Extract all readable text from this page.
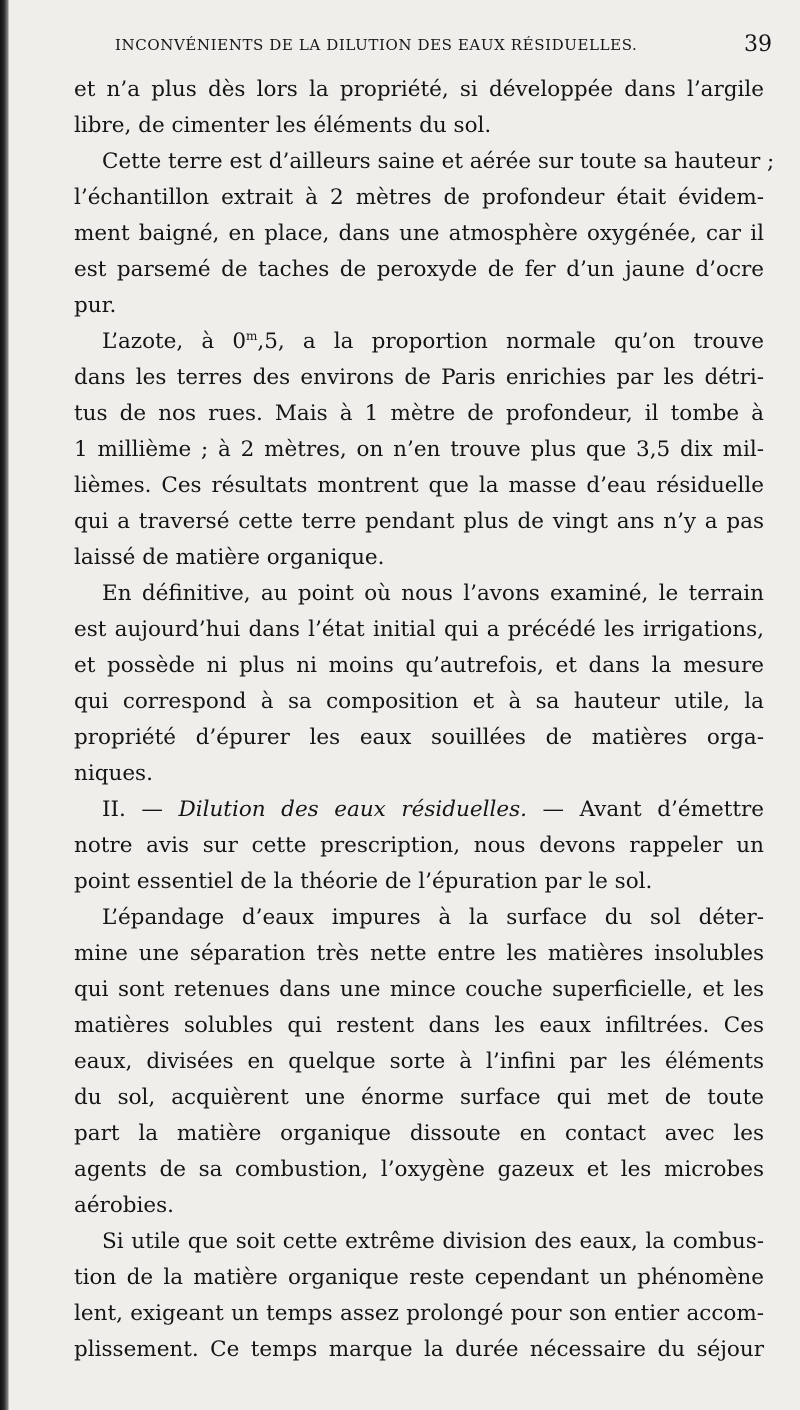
INCONVÉNIENTS DE LA DILUTION DES EAUX RÉSIDUELLES.	39
et n’a plus dès lors la propriété, si développée dans l’argile
libre, de cimenter les éléments du sol.
Cette terre est d’ailleurs saine et aérée sur toute sa hauteur ;
l’échantillon extrait à 2 mètres de profondeur était évidem-
ment baigné, en place, dans une atmosphère oxygénée, car il
est parsemé de taches de peroxyde de fer d’un jaune d’ocre
pur.
L’azote, à 0$^m$,5, a la proportion normale qu’on trouve
dans les terres des environs de Paris enrichies par les détri-
tus de nos rues. Mais à 1 mètre de profondeur, il tombe à
1 millième ; à 2 mètres, on n’en trouve plus que 3,5 dix mil-
lièmes. Ces résultats montrent que la masse d’eau résiduelle
qui a traversé cette terre pendant plus de vingt ans n’y a pas
laissé de matière organique.
En définitive, au point où nous l’avons examiné, le terrain
est aujourd’hui dans l’état initial qui a précédé les irrigations,
et possède ni plus ni moins qu’autrefois, et dans la mesure
qui correspond à sa composition et à sa hauteur utile, la
propriété d’épurer les eaux souillées de matières orga-
niques.
II. — Dilution des eaux résiduelles. — Avant d’émettre
notre avis sur cette prescription, nous devons rappeler un
point essentiel de la théorie de l’épuration par le sol.
L’épandage d’eaux impures à la surface du sol déter-
mine une séparation très nette entre les matières insolubles
qui sont retenues dans une mince couche superficielle, et les
matières solubles qui restent dans les eaux infiltrées. Ces
eaux, divisées en quelque sorte à l’infini par les éléments
du sol, acquièrent une énorme surface qui met de toute
part la matière organique dissoute en contact avec les
agents de sa combustion, l’oxygène gazeux et les microbes
aérobies.
Si utile que soit cette extrême division des eaux, la combus-
tion de la matière organique reste cependant un phénomène
lent, exigeant un temps assez prolongé pour son entier accom-
plissement. Ce temps marque la durée nécessaire du séjour
